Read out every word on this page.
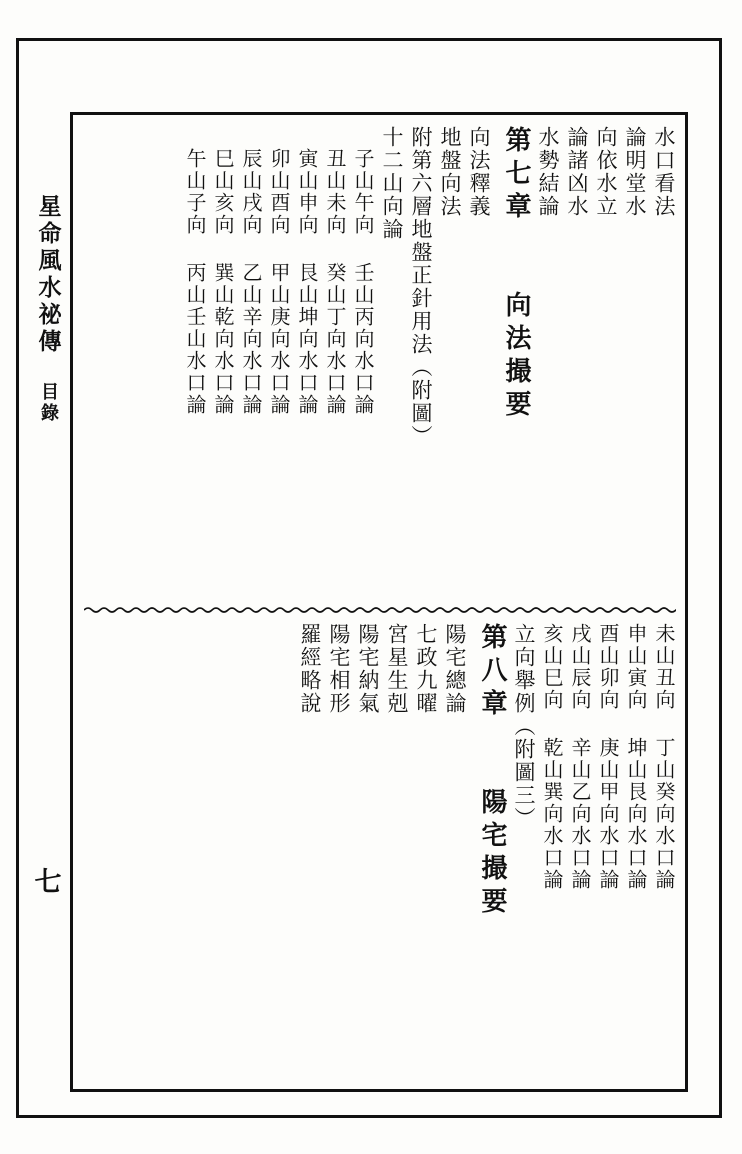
星命風水祕傳
目錄
七
水口看法
論明堂水
向依水立
論諸凶水
水勢結論
第七章　　向法撮要
向法釋義
地盤向法
附第六層地盤正針用法（附圖）
十二山向論
子山午向 壬山丙向水口論
丑山未向 癸山丁向水口論
寅山申向 艮山坤向水口論
卯山酉向 甲山庚向水口論
辰山戌向 乙山辛向水口論
巳山亥向 巽山乾向水口論
午山子向 丙山壬山水口論
未山丑向 丁山癸向水口論
申山寅向 坤山艮向水口論
酉山卯向 庚山甲向水口論
戌山辰向 辛山乙向水口論
亥山巳向 乾山巽向水口論
立向舉例（附圖三）
第八章　　陽宅撮要
陽宅總論
七政九曜
宮星生剋
陽宅納氣
陽宅相形
羅經略說
